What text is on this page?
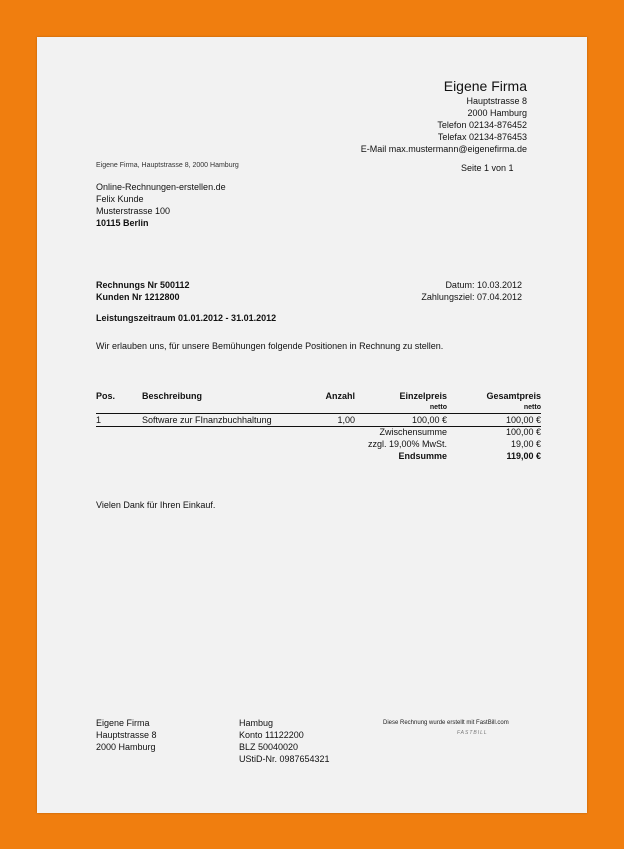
Eigene Firma
Hauptstrasse 8
2000 Hamburg
Telefon 02134-876452
Telefax 02134-876453
E-Mail max.mustermann@eigenefirma.de
Eigene Firma, Hauptstrasse 8, 2000 Hamburg	Seite 1 von 1
Online-Rechnungen-erstellen.de
Felix Kunde
Musterstrasse 100
10115 Berlin
Rechnungs Nr 500112
Kunden Nr 1212800
Datum: 10.03.2012
Zahlungsziel: 07.04.2012
Leistungszeitraum 01.01.2012 - 31.01.2012
Wir erlauben uns, für unsere Bemühungen folgende Positionen in Rechnung zu stellen.
Pos.	Beschreibung	Anzahl	Einzelpreis	Gesamtpreis
netto	netto
1	Software zur FInanzbuchhaltung	1,00	100,00 €	100,00 €
Zwischensumme	100,00 €
zzgl. 19,00% MwSt.	19,00 €
Endsumme	119,00 €
Vielen Dank für Ihren Einkauf.
Eigene Firma
Hauptstrasse 8
2000 Hamburg
Hambug
Konto 11122200
BLZ 50040020
UStiD-Nr. 0987654321
Diese Rechnung wurde erstellt mit FastBill.com
FASTBILL
